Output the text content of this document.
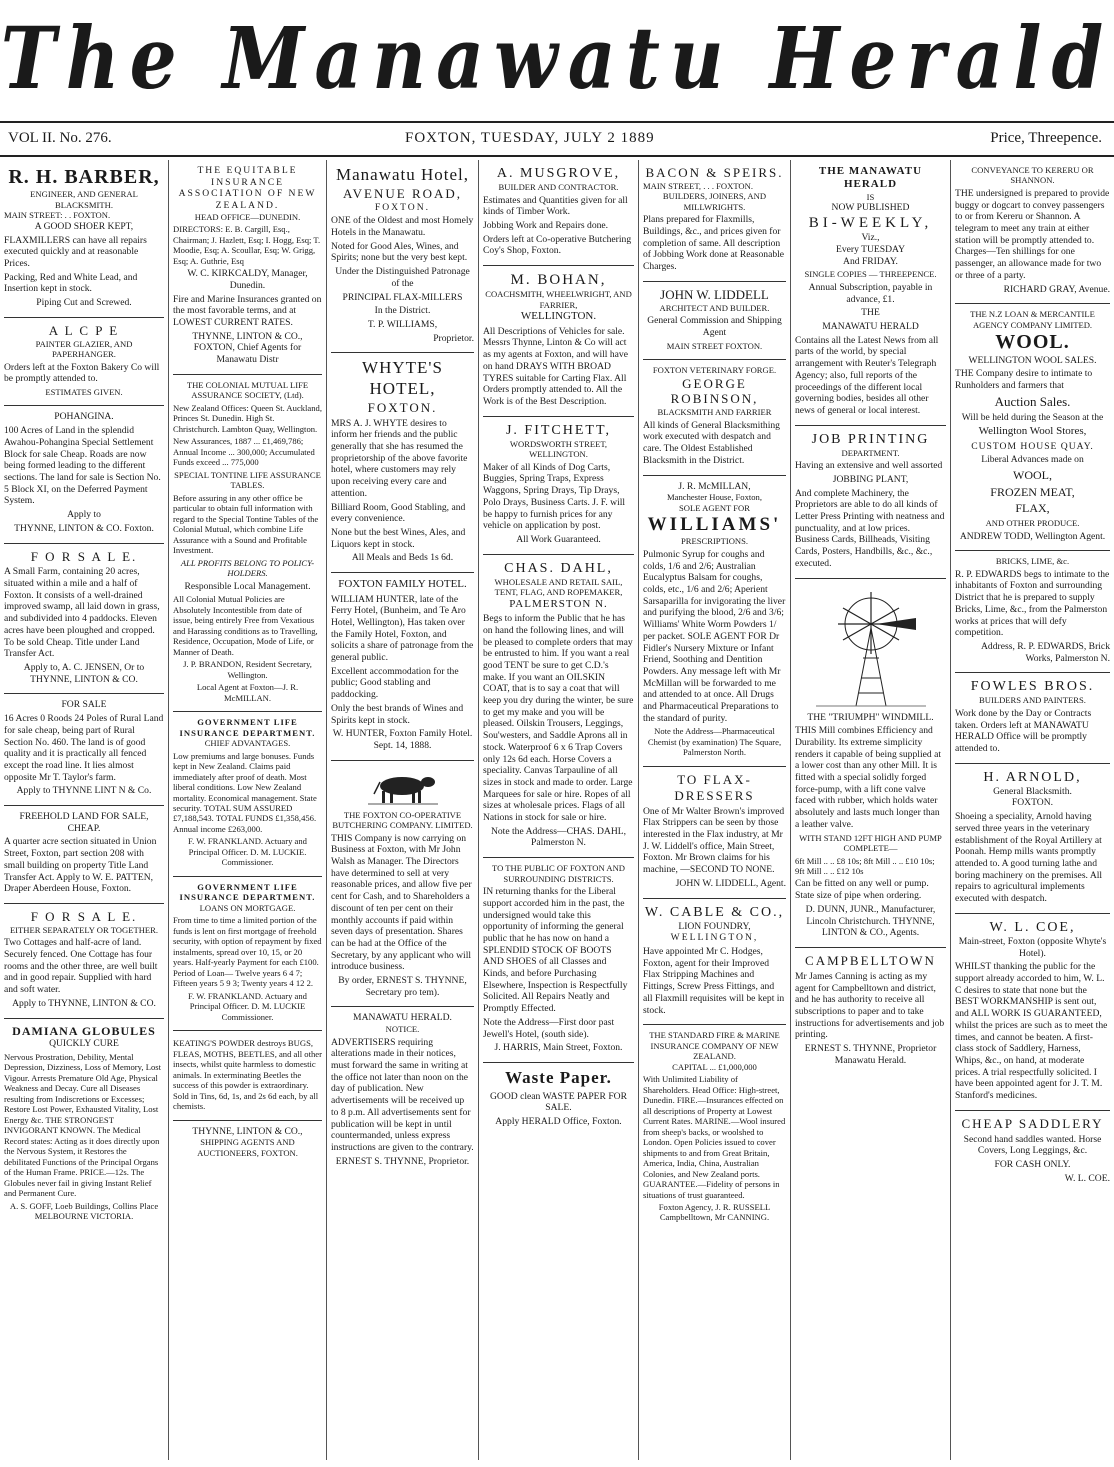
The Manawatu Herald
VOL II. No. 276.	FOXTON, TUESDAY, JULY 2 1889	Price, Threepence.
R. H. BARBER,
ENGINEER, AND GENERAL BLACKSMITH.
MAIN STREET: . . FOXTON.
A GOOD SHOER KEPT,

FLAXMILLERS can have all repairs executed quickly and at reasonable Prices.

Packing, Red and White Lead, and Insertion kept in stock.

Piping Cut and Screwed.

A L C P E
PAINTER GLAZIER, AND PAPERHANGER.

Orders left at the Foxton Bakery Co will be promptly attended to.

ESTIMATES GIVEN.

POHANGINA.

100 Acres of Land in the splendid Awahou-Pohangina Special Settlement Block for sale Cheap. Roads are now being formed leading to the different sections. The land for sale is Section No. 5 Block XI, on the Deferred Payment System.

Apply to

THYNNE, LINTON & CO. Foxton.

F O R S A L E.

A Small Farm, containing 20 acres, situated within a mile and a half of Foxton. It consists of a well-drained improved swamp, all laid down in grass, and subdivided into 4 paddocks. Eleven acres have been ploughed and cropped. To be sold Cheap. Title under Land Transfer Act.

Apply to, A. C. JENSEN, Or to THYNNE, LINTON & CO.

FOR SALE

16 Acres 0 Roods 24 Poles of Rural Land for sale cheap, being part of Rural Section No. 460. The land is of good quality and it is practically all fenced except the road line. It lies almost opposite Mr T. Taylor's farm.

Apply to THYNNE LINT N & Co.

FREEHOLD LAND FOR SALE, CHEAP.

A quarter acre section situated in Union Street, Foxton, part section 208 with small building on property Title Land Transfer Act. Apply to W. E. PATTEN, Draper Aberdeen House, Foxton.

F O R S A L E.
EITHER SEPARATELY OR TOGETHER.

Two Cottages and half-acre of land. Securely fenced. One Cottage has four rooms and the other three, are well built and in good repair. Supplied with hard and soft water.

Apply to THYNNE, LINTON & CO.

DAMIANA GLOBULES
QUICKLY CURE

Nervous Prostration, Debility, Mental Depression, Dizziness, Loss of Memory, Lost Vigour. Arrests Premature Old Age, Physical Weakness and Decay. Cure all Diseases resulting from Indiscretions or Excesses; Restore Lost Power, Exhausted Vitality, Lost Energy &c. THE STRONGEST INVIGORANT KNOWN. The Medical Record states: Acting as it does directly upon the Nervous System, it Restores the debilitated Functions of the Principal Organs of the Human Frame. PRICE.—12s. The Globules never fail in giving Instant Relief and Permanent Cure.

A. S. GOFF, Loeb Buildings, Collins Place MELBOURNE VICTORIA.

THE EQUITABLE INSURANCE ASSOCIATION OF NEW ZEALAND.
HEAD OFFICE—DUNEDIN.

DIRECTORS: E. B. Cargill, Esq., Chairman; J. Hazlett, Esq; I. Hogg, Esq; T. Moodie, Esq; A. Scoullar, Esq; W. Grigg, Esq; A. Guthrie, Esq

W. C. KIRKCALDY, Manager, Dunedin.

Fire and Marine Insurances granted on the most favorable terms, and at LOWEST CURRENT RATES.

THYNNE, LINTON & CO., FOXTON, Chief Agents for Manawatu Distr

THE COLONIAL MUTUAL LIFE ASSURANCE SOCIETY, (Ltd).

New Zealand Offices: Queen St. Auckland, Princes St. Dunedin. High St. Christchurch. Lambton Quay, Wellington.

New Assurances, 1887 ... £1,469,786; Annual Income ... 300,000; Accumulated Funds exceed ... 775,000

SPECIAL TONTINE LIFE ASSURANCE TABLES.

Before assuring in any other office be particular to obtain full information with regard to the Special Tontine Tables of the Colonial Mutual, which combine Life Assurance with a Sound and Profitable Investment.

ALL PROFITS BELONG TO POLICY-HOLDERS.

Responsible Local Management.

All Colonial Mutual Policies are Absolutely Incontestible from date of issue, being entirely Free from Vexatious and Harassing conditions as to Travelling, Residence, Occupation, Mode of Life, or Manner of Death.

J. P. BRANDON, Resident Secretary, Wellington.

Local Agent at Foxton—J. R. McMILLAN.

GOVERNMENT LIFE INSURANCE DEPARTMENT.
CHIEF ADVANTAGES.

Low premiums and large bonuses. Funds kept in New Zealand. Claims paid immediately after proof of death. Most liberal conditions. Low New Zealand mortality. Economical management. State security. TOTAL SUM ASSURED £7,188,543. TOTAL FUNDS £1,358,456. Annual income £263,000.

F. W. FRANKLAND. Actuary and Principal Officer. D. M. LUCKIE. Commissioner.

GOVERNMENT LIFE INSURANCE DEPARTMENT.
LOANS ON MORTGAGE.

From time to time a limited portion of the funds is lent on first mortgage of freehold security, with option of repayment by fixed instalments, spread over 10, 15, or 20 years. Half-yearly Payment for each £100. Period of Loan— Twelve years 6 4 7; Fifteen years 5 9 3; Twenty years 4 12 2.

F. W. FRANKLAND. Actuary and Principal Officer. D. M. LUCKIE Commissioner.

KEATING'S POWDER destroys BUGS, FLEAS, MOTHS, BEETLES, and all other insects, whilst quite harmless to domestic animals. In exterminating Beetles the success of this powder is extraordinary. Sold in Tins, 6d, 1s, and 2s 6d each, by all chemists.

THYNNE, LINTON & CO.,
SHIPPING AGENTS AND AUCTIONEERS, FOXTON.
Manawatu Hotel,
AVENUE ROAD,
FOXTON.

ONE of the Oldest and most Homely Hotels in the Manawatu.

Noted for Good Ales, Wines, and Spirits; none but the very best kept.

Under the Distinguished Patronage of the

PRINCIPAL FLAX-MILLERS

In the District.

T. P. WILLIAMS,

Proprietor.

WHYTE'S HOTEL,
FOXTON.

MRS A. J. WHYTE desires to inform her friends and the public generally that she has resumed the proprietorship of the above favorite hotel, where customers may rely upon receiving every care and attention.

Billiard Room, Good Stabling, and every convenience.

None but the best Wines, Ales, and Liquors kept in stock.

All Meals and Beds 1s 6d.

FOXTON FAMILY HOTEL.

WILLIAM HUNTER, late of the Ferry Hotel, (Bunheim, and Te Aro Hotel, Wellington), Has taken over the Family Hotel, Foxton, and solicits a share of patronage from the general public.

Excellent accommodation for the public; Good stabling and paddocking.

Only the best brands of Wines and Spirits kept in stock.

W. HUNTER, Foxton Family Hotel. Sept. 14, 1888.

THE FOXTON CO-OPERATIVE BUTCHERING COMPANY. LIMITED.

THIS Company is now carrying on Business at Foxton, with Mr John Walsh as Manager. The Directors have determined to sell at very reasonable prices, and allow five per cent for Cash, and to Shareholders a discount of ten per cent on their monthly accounts if paid within seven days of presentation. Shares can be had at the Office of the Secretary, by any applicant who will introduce business.

By order, ERNEST S. THYNNE, Secretary pro tem).

MANAWATU HERALD.
NOTICE.

ADVERTISERS requiring alterations made in their notices, must forward the same in writing at the office not later than noon on the day of publication. New advertisements will be received up to 8 p.m. All advertisements sent for publication will be kept in until countermanded, unless express instructions are given to the contrary.

ERNEST S. THYNNE, Proprietor.

A. MUSGROVE,
BUILDER AND CONTRACTOR.

Estimates and Quantities given for all kinds of Timber Work.

Jobbing Work and Repairs done.

Orders left at Co-operative Butchering Coy's Shop, Foxton.

M. BOHAN,
COACHSMITH, WHEELWRIGHT, AND FARRIER,
WELLINGTON.

All Descriptions of Vehicles for sale. Messrs Thynne, Linton & Co will act as my agents at Foxton, and will have on hand DRAYS WITH BROAD TYRES suitable for Carting Flax. All Orders promptly attended to. All the Work is of the Best Description.

J. FITCHETT,
WORDSWORTH STREET, WELLINGTON.

Maker of all Kinds of Dog Carts, Buggies, Spring Traps, Express Waggons, Spring Drays, Tip Drays, Polo Drays, Business Carts. J. F. will be happy to furnish prices for any vehicle on application by post.

All Work Guaranteed.

CHAS. DAHL,
WHOLESALE AND RETAIL SAIL, TENT, FLAG, AND ROPEMAKER,
PALMERSTON N.

Begs to inform the Public that he has on hand the following lines, and will be pleased to complete orders that may be entrusted to him. If you want a real good TENT be sure to get C.D.'s make. If you want an OILSKIN COAT, that is to say a coat that will keep you dry during the winter, be sure to get my make and you will be pleased. Oilskin Trousers, Leggings, Sou'westers, and Saddle Aprons all in stock. Waterproof 6 x 6 Trap Covers only 12s 6d each. Horse Covers a speciality. Canvas Tarpauline of all sizes in stock and made to order. Large Marquees for sale or hire. Ropes of all sizes at wholesale prices. Flags of all Nations in stock for sale or hire.

Note the Address—CHAS. DAHL, Palmerston N.

TO THE PUBLIC OF FOXTON AND SURROUNDING DISTRICTS.

IN returning thanks for the Liberal support accorded him in the past, the undersigned would take this opportunity of informing the general public that he has now on hand a SPLENDID STOCK OF BOOTS AND SHOES of all Classes and Kinds, and before Purchasing Elsewhere, Inspection is Respectfully Solicited. All Repairs Neatly and Promptly Effected.

Note the Address—First door past Jewell's Hotel, (south side).

J. HARRIS, Main Street, Foxton.

Waste Paper.

GOOD clean WASTE PAPER FOR SALE.

Apply HERALD Office, Foxton.

BACON & SPEIRS.
MAIN STREET, . . . FOXTON.
BUILDERS, JOINERS, AND MILLWRIGHTS.

Plans prepared for Flaxmills, Buildings, &c., and prices given for completion of same. All description of Jobbing Work done at Reasonable Charges.

JOHN W. LIDDELL
ARCHITECT AND BUILDER.

General Commission and Shipping Agent

MAIN STREET FOXTON.

FOXTON VETERINARY FORGE.
GEORGE ROBINSON,
BLACKSMITH AND FARRIER

All kinds of General Blacksmithing work executed with despatch and care. The Oldest Established Blacksmith in the District.

J. R. McMILLAN,
Manchester House, Foxton,
SOLE AGENT FOR
WILLIAMS'
PRESCRIPTIONS.

Pulmonic Syrup for coughs and colds, 1/6 and 2/6; Australian Eucalyptus Balsam for coughs, colds, etc., 1/6 and 2/6; Aperient Sarsaparilla for invigorating the liver and purifying the blood, 2/6 and 3/6; Williams' White Worm Powders 1/ per packet. SOLE AGENT FOR Dr Fidler's Nursery Mixture or Infant Friend, Soothing and Dentition Powders. Any message left with Mr McMillan will be forwarded to me and attended to at once. All Drugs and Pharmaceutical Preparations to the standard of purity.

Note the Address—Pharmaceutical Chemist (by examination) The Square, Palmerston North.

TO FLAX-DRESSERS

One of Mr Walter Brown's improved Flax Strippers can be seen by those interested in the Flax industry, at Mr J. W. Liddell's office, Main Street, Foxton. Mr Brown claims for his machine, —SECOND TO NONE.

JOHN W. LIDDELL, Agent.

W. CABLE & CO.,
LION FOUNDRY,
WELLINGTON,

Have appointed Mr C. Hodges, Foxton, agent for their Improved Flax Stripping Machines and Fittings, Screw Press Fittings, and all Flaxmill requisites will be kept in stock.

THE STANDARD FIRE & MARINE INSURANCE COMPANY OF NEW ZEALAND.
CAPITAL ... £1,000,000

With Unlimited Liability of Shareholders. Head Office: High-street, Dunedin. FIRE.—Insurances effected on all descriptions of Property at Lowest Current Rates. MARINE.—Wool insured from sheep's backs, or woolshed to London. Open Policies issued to cover shipments to and from Great Britain, America, India, China, Australian Colonies, and New Zealand ports. GUARANTEE.—Fidelity of persons in situations of trust guaranteed.

Foxton Agency, J. R. RUSSELL Campbelltown, Mr CANNING.

THE MANAWATU HERALD
IS
NOW PUBLISHED
BI-WEEKLY,
Viz.,
Every TUESDAY
And FRIDAY.

SINGLE COPIES — THREEPENCE.

Annual Subscription, payable in advance, £1.

THE

MANAWATU HERALD

Contains all the Latest News from all parts of the world, by special arrangement with Reuter's Telegraph Agency; also, full reports of the proceedings of the different local governing bodies, besides all other news of general or local interest.

JOB PRINTING
DEPARTMENT.

Having an extensive and well assorted

JOBBING PLANT,

And complete Machinery, the Proprietors are able to do all kinds of Letter Press Printing with neatness and punctuality, and at low prices. Business Cards, Billheads, Visiting Cards, Posters, Handbills, &c., &c., executed.

THE "TRIUMPH" WINDMILL.

THIS Mill combines Efficiency and Durability. Its extreme simplicity renders it capable of being supplied at a lower cost than any other Mill. It is fitted with a special solidly forged force-pump, with a lift cone valve faced with rubber, which holds water absolutely and lasts much longer than a leather valve.

WITH STAND 12FT HIGH AND PUMP COMPLETE—

6ft Mill .. .. £8 10s; 8ft Mill .. .. £10 10s; 9ft Mill .. .. £12 10s

Can be fitted on any well or pump. State size of pipe when ordering.

D. DUNN, JUNR., Manufacturer, Lincoln Christchurch. THYNNE, LINTON & CO., Agents.

CAMPBELLTOWN

Mr James Canning is acting as my agent for Campbelltown and district, and he has authority to receive all subscriptions to paper and to take instructions for advertisements and job printing.

ERNEST S. THYNNE, Proprietor Manawatu Herald.

CONVEYANCE TO KERERU OR SHANNON.

THE undersigned is prepared to provide buggy or dogcart to convey passengers to or from Kereru or Shannon. A telegram to meet any train at either station will be promptly attended to. Charges—Ten shillings for one passenger, an allowance made for two or three of a party.

RICHARD GRAY, Avenue.

THE N.Z LOAN & MERCANTILE AGENCY COMPANY LIMITED.
WOOL.
WELLINGTON WOOL SALES.

THE Company desire to intimate to Runholders and farmers that

Auction Sales.

Will be held during the Season at the

Wellington Wool Stores,

CUSTOM HOUSE QUAY.

Liberal Advances made on

WOOL,

FROZEN MEAT,

FLAX,

AND OTHER PRODUCE.

ANDREW TODD, Wellington Agent.

BRICKS, LIME, &c.

R. P. EDWARDS begs to intimate to the inhabitants of Foxton and surrounding District that he is prepared to supply Bricks, Lime, &c., from the Palmerston works at prices that will defy competition.

Address, R. P. EDWARDS, Brick Works, Palmerston N.

FOWLES BROS.
BUILDERS AND PAINTERS.

Work done by the Day or Contracts taken. Orders left at MANAWATU HERALD Office will be promptly attended to.

H. ARNOLD,
General Blacksmith.
FOXTON.

Shoeing a speciality, Arnold having served three years in the veterinary establishment of the Royal Artillery at Poonah. Hemp mills wants promptly attended to. A good turning lathe and boring machinery on the premises. All repairs to agricultural implements executed with despatch.

W. L. COE,
Main-street, Foxton (opposite Whyte's Hotel).

WHILST thanking the public for the support already accorded to him, W. L. C desires to state that none but the BEST WORKMANSHIP is sent out, and ALL WORK IS GUARANTEED, whilst the prices are such as to meet the times, and cannot be beaten. A first-class stock of Saddlery, Harness, Whips, &c., on hand, at moderate prices. A trial respectfully solicited. I have been appointed agent for J. T. M. Stanford's medicines.

CHEAP SADDLERY

Second hand saddles wanted. Horse Covers, Long Leggings, &c.

FOR CASH ONLY.

W. L. COE.
